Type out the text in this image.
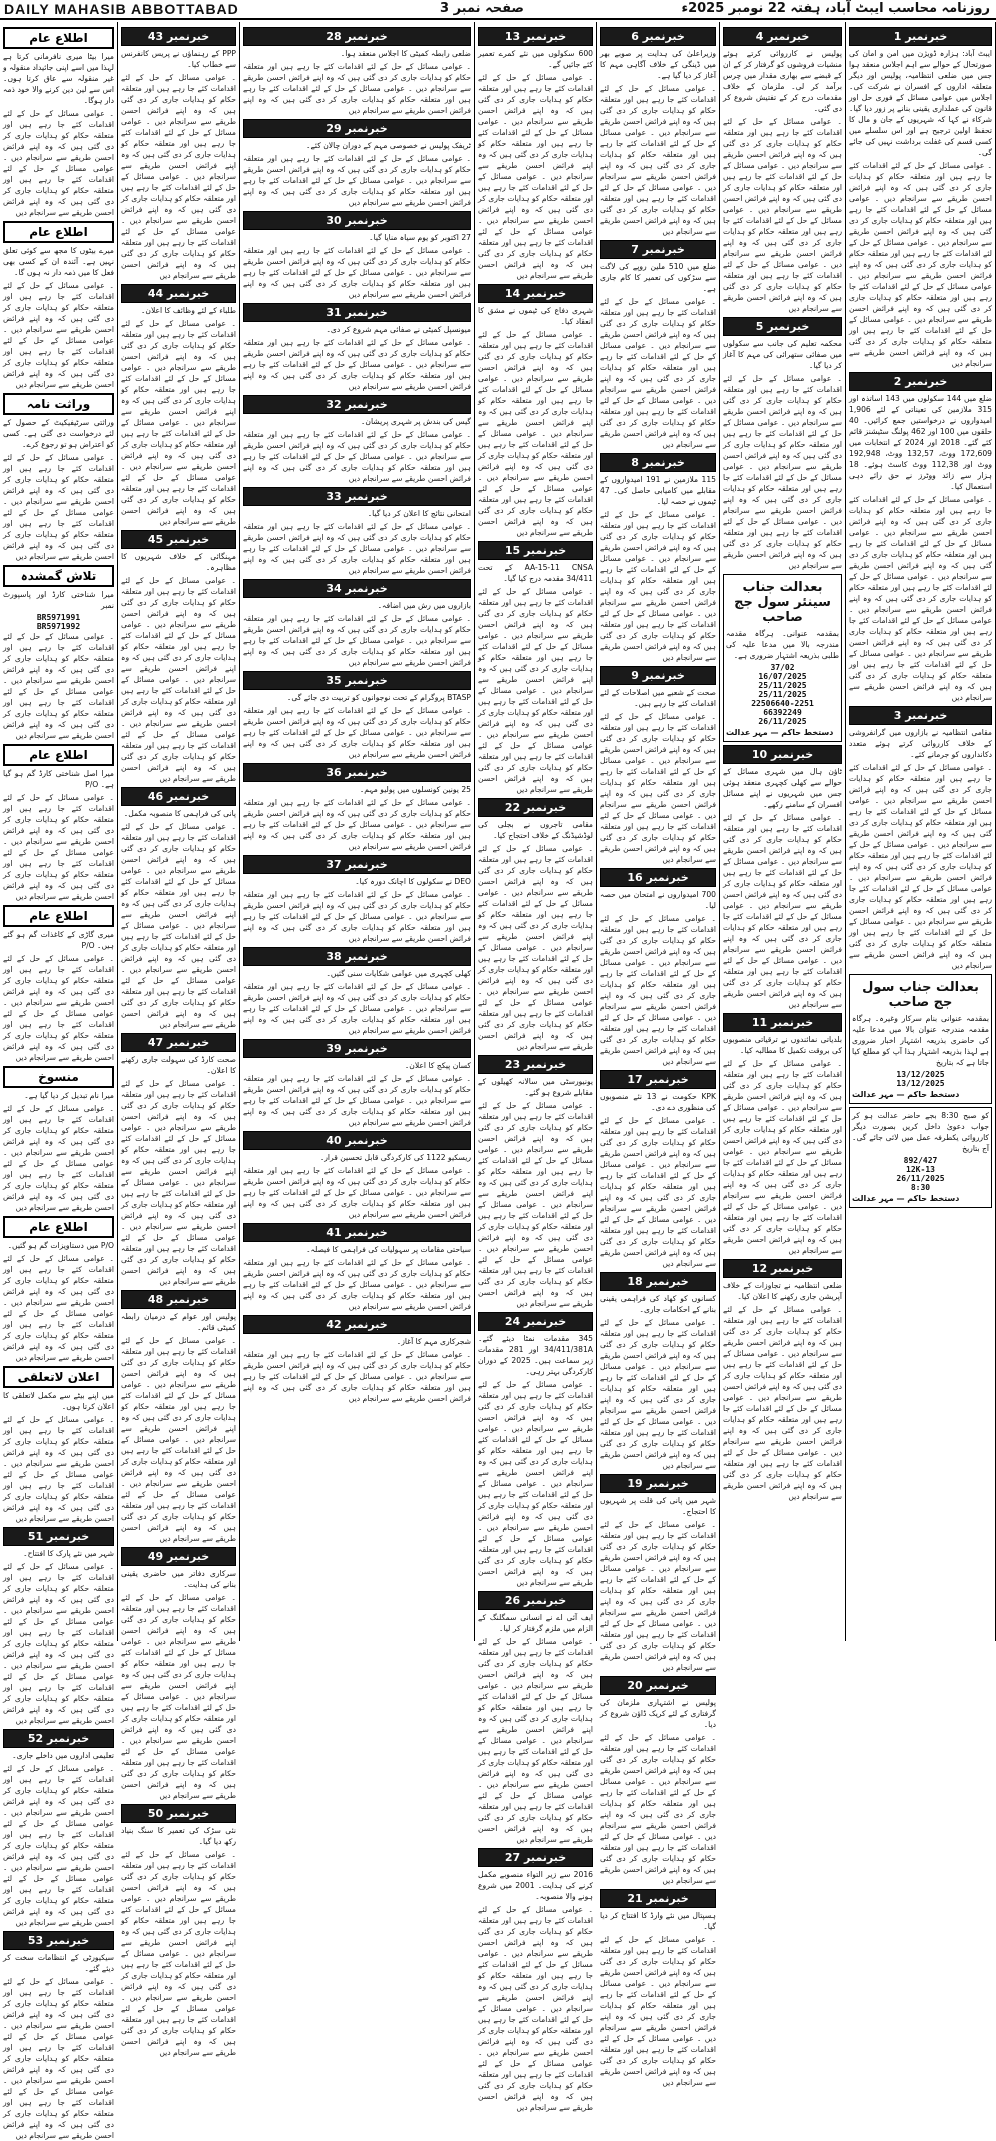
DAILY MAHASIB ABBOTTABAD	صفحہ نمبر 3	روزنامہ محاسب ایبٹ آباد، ہفتہ 22 نومبر 2025ء
خبرنمبر 1

ایبٹ آباد: ہزارہ ڈویژن میں امن و امان کی صورتحال کے حوالے سے اہم اجلاس منعقد ہوا جس میں ضلعی انتظامیہ، پولیس اور دیگر متعلقہ اداروں کے افسران نے شرکت کی۔ اجلاس میں عوامی مسائل کے فوری حل اور قانون کی عملداری یقینی بنانے پر زور دیا گیا۔ شرکاء نے کہا کہ شہریوں کے جان و مال کا تحفظ اولین ترجیح ہے اور اس سلسلے میں کسی قسم کی غفلت برداشت نہیں کی جائے گی۔

۔ عوامی مسائل کے حل کے لئے اقدامات کئے جا رہے ہیں اور متعلقہ حکام کو ہدایات جاری کر دی گئی ہیں کہ وہ اپنے فرائض احسن طریقے سے سرانجام دیں ۔ عوامی مسائل کے حل کے لئے اقدامات کئے جا رہے ہیں اور متعلقہ حکام کو ہدایات جاری کر دی گئی ہیں کہ وہ اپنے فرائض احسن طریقے سے سرانجام دیں ۔ عوامی مسائل کے حل کے لئے اقدامات کئے جا رہے ہیں اور متعلقہ حکام کو ہدایات جاری کر دی گئی ہیں کہ وہ اپنے فرائض احسن طریقے سے سرانجام دیں ۔ عوامی مسائل کے حل کے لئے اقدامات کئے جا رہے ہیں اور متعلقہ حکام کو ہدایات جاری کر دی گئی ہیں کہ وہ اپنے فرائض احسن طریقے سے سرانجام دیں ۔ عوامی مسائل کے حل کے لئے اقدامات کئے جا رہے ہیں اور متعلقہ حکام کو ہدایات جاری کر دی گئی ہیں کہ وہ اپنے فرائض احسن طریقے سے سرانجام دیں

خبرنمبر 2

ضلع میں 144 سکولوں میں 143 اساتذہ اور 315 ملازمین کی تعیناتی کے لئے 1,906 امیدواروں نے درخواستیں جمع کرائیں۔ 40 حلقوں میں 100 اور 462 پولنگ سٹیشنز قائم کئے گئے۔ 2018 اور 2024 کے انتخابات میں 172,609 ووٹ، 132,57 ووٹ، 192,948 ووٹ اور 112,38 ووٹ کاسٹ ہوئے۔ 18 ہزار سے زائد ووٹرز نے حق رائے دہی استعمال کیا۔

۔ عوامی مسائل کے حل کے لئے اقدامات کئے جا رہے ہیں اور متعلقہ حکام کو ہدایات جاری کر دی گئی ہیں کہ وہ اپنے فرائض احسن طریقے سے سرانجام دیں ۔ عوامی مسائل کے حل کے لئے اقدامات کئے جا رہے ہیں اور متعلقہ حکام کو ہدایات جاری کر دی گئی ہیں کہ وہ اپنے فرائض احسن طریقے سے سرانجام دیں ۔ عوامی مسائل کے حل کے لئے اقدامات کئے جا رہے ہیں اور متعلقہ حکام کو ہدایات جاری کر دی گئی ہیں کہ وہ اپنے فرائض احسن طریقے سے سرانجام دیں ۔ عوامی مسائل کے حل کے لئے اقدامات کئے جا رہے ہیں اور متعلقہ حکام کو ہدایات جاری کر دی گئی ہیں کہ وہ اپنے فرائض احسن طریقے سے سرانجام دیں ۔ عوامی مسائل کے حل کے لئے اقدامات کئے جا رہے ہیں اور متعلقہ حکام کو ہدایات جاری کر دی گئی ہیں کہ وہ اپنے فرائض احسن طریقے سے سرانجام دیں

خبرنمبر 3

مقامی انتظامیہ نے بازاروں میں گرانفروشی کے خلاف کارروائی کرتے ہوئے متعدد دکانداروں کو جرمانے کئے۔

۔ عوامی مسائل کے حل کے لئے اقدامات کئے جا رہے ہیں اور متعلقہ حکام کو ہدایات جاری کر دی گئی ہیں کہ وہ اپنے فرائض احسن طریقے سے سرانجام دیں ۔ عوامی مسائل کے حل کے لئے اقدامات کئے جا رہے ہیں اور متعلقہ حکام کو ہدایات جاری کر دی گئی ہیں کہ وہ اپنے فرائض احسن طریقے سے سرانجام دیں ۔ عوامی مسائل کے حل کے لئے اقدامات کئے جا رہے ہیں اور متعلقہ حکام کو ہدایات جاری کر دی گئی ہیں کہ وہ اپنے فرائض احسن طریقے سے سرانجام دیں ۔ عوامی مسائل کے حل کے لئے اقدامات کئے جا رہے ہیں اور متعلقہ حکام کو ہدایات جاری کر دی گئی ہیں کہ وہ اپنے فرائض احسن طریقے سے سرانجام دیں ۔ عوامی مسائل کے حل کے لئے اقدامات کئے جا رہے ہیں اور متعلقہ حکام کو ہدایات جاری کر دی گئی ہیں کہ وہ اپنے فرائض احسن طریقے سے سرانجام دیں

بعدالت جناب سول جج صاحب

بمقدمہ عنوانی بنام سرکار وغیرہ۔ ہرگاہ مقدمہ مندرجہ عنوان بالا میں مدعا علیہ کی حاضری بذریعہ اشتہار اخبار ضروری ہے لہذا بذریعہ اشتہار ہذا آپ کو مطلع کیا جاتا ہے کہ بتاریخ

13/12/2025
13/12/2025
دستخط حاکم — مہر عدالت

کو صبح 8:30 بجے حاضر عدالت ہو کر جواب دعویٰ داخل کریں بصورت دیگر کارروائی یکطرفہ عمل میں لائی جائے گی۔ آج بتاریخ

892/427
12K-13
26/11/2025
8:30
دستخط حاکم — مہر عدالت
خبرنمبر 4

پولیس نے کارروائی کرتے ہوئے منشیات فروشوں کو گرفتار کر کے ان کے قبضے سے بھاری مقدار میں چرس برآمد کر لی۔ ملزمان کے خلاف مقدمات درج کر کے تفتیش شروع کر دی گئی۔

۔ عوامی مسائل کے حل کے لئے اقدامات کئے جا رہے ہیں اور متعلقہ حکام کو ہدایات جاری کر دی گئی ہیں کہ وہ اپنے فرائض احسن طریقے سے سرانجام دیں ۔ عوامی مسائل کے حل کے لئے اقدامات کئے جا رہے ہیں اور متعلقہ حکام کو ہدایات جاری کر دی گئی ہیں کہ وہ اپنے فرائض احسن طریقے سے سرانجام دیں ۔ عوامی مسائل کے حل کے لئے اقدامات کئے جا رہے ہیں اور متعلقہ حکام کو ہدایات جاری کر دی گئی ہیں کہ وہ اپنے فرائض احسن طریقے سے سرانجام دیں ۔ عوامی مسائل کے حل کے لئے اقدامات کئے جا رہے ہیں اور متعلقہ حکام کو ہدایات جاری کر دی گئی ہیں کہ وہ اپنے فرائض احسن طریقے سے سرانجام دیں

خبرنمبر 5

محکمہ تعلیم کی جانب سے سکولوں میں صفائی ستھرائی کی مہم کا آغاز کر دیا گیا۔

۔ عوامی مسائل کے حل کے لئے اقدامات کئے جا رہے ہیں اور متعلقہ حکام کو ہدایات جاری کر دی گئی ہیں کہ وہ اپنے فرائض احسن طریقے سے سرانجام دیں ۔ عوامی مسائل کے حل کے لئے اقدامات کئے جا رہے ہیں اور متعلقہ حکام کو ہدایات جاری کر دی گئی ہیں کہ وہ اپنے فرائض احسن طریقے سے سرانجام دیں ۔ عوامی مسائل کے حل کے لئے اقدامات کئے جا رہے ہیں اور متعلقہ حکام کو ہدایات جاری کر دی گئی ہیں کہ وہ اپنے فرائض احسن طریقے سے سرانجام دیں ۔ عوامی مسائل کے حل کے لئے اقدامات کئے جا رہے ہیں اور متعلقہ حکام کو ہدایات جاری کر دی گئی ہیں کہ وہ اپنے فرائض احسن طریقے سے سرانجام دیں

بعدالت جناب سینئر سول جج صاحب

بمقدمہ عنوانی۔ ہرگاہ مقدمہ مندرجہ بالا میں مدعا علیہ کی طلبی بذریعہ اشتہار ضروری ہے۔

37/02
16/07/2025
25/11/2025
25/11/2025
22506640-2251
66392249
26/11/2025
دستخط حاکم — مہر عدالت
خبرنمبر 10

ٹاؤن ہال میں شہری مسائل کے حوالے سے کھلی کچہری منعقد ہوئی جس میں شہریوں نے اپنے مسائل افسران کے سامنے رکھے۔

۔ عوامی مسائل کے حل کے لئے اقدامات کئے جا رہے ہیں اور متعلقہ حکام کو ہدایات جاری کر دی گئی ہیں کہ وہ اپنے فرائض احسن طریقے سے سرانجام دیں ۔ عوامی مسائل کے حل کے لئے اقدامات کئے جا رہے ہیں اور متعلقہ حکام کو ہدایات جاری کر دی گئی ہیں کہ وہ اپنے فرائض احسن طریقے سے سرانجام دیں ۔ عوامی مسائل کے حل کے لئے اقدامات کئے جا رہے ہیں اور متعلقہ حکام کو ہدایات جاری کر دی گئی ہیں کہ وہ اپنے فرائض احسن طریقے سے سرانجام دیں ۔ عوامی مسائل کے حل کے لئے اقدامات کئے جا رہے ہیں اور متعلقہ حکام کو ہدایات جاری کر دی گئی ہیں کہ وہ اپنے فرائض احسن طریقے سے سرانجام دیں

خبرنمبر 11

بلدیاتی نمائندوں نے ترقیاتی منصوبوں کی بروقت تکمیل کا مطالبہ کیا۔

۔ عوامی مسائل کے حل کے لئے اقدامات کئے جا رہے ہیں اور متعلقہ حکام کو ہدایات جاری کر دی گئی ہیں کہ وہ اپنے فرائض احسن طریقے سے سرانجام دیں ۔ عوامی مسائل کے حل کے لئے اقدامات کئے جا رہے ہیں اور متعلقہ حکام کو ہدایات جاری کر دی گئی ہیں کہ وہ اپنے فرائض احسن طریقے سے سرانجام دیں ۔ عوامی مسائل کے حل کے لئے اقدامات کئے جا رہے ہیں اور متعلقہ حکام کو ہدایات جاری کر دی گئی ہیں کہ وہ اپنے فرائض احسن طریقے سے سرانجام دیں ۔ عوامی مسائل کے حل کے لئے اقدامات کئے جا رہے ہیں اور متعلقہ حکام کو ہدایات جاری کر دی گئی ہیں کہ وہ اپنے فرائض احسن طریقے سے سرانجام دیں

خبرنمبر 12

ضلعی انتظامیہ نے تجاوزات کے خلاف آپریشن جاری رکھنے کا اعلان کیا۔

۔ عوامی مسائل کے حل کے لئے اقدامات کئے جا رہے ہیں اور متعلقہ حکام کو ہدایات جاری کر دی گئی ہیں کہ وہ اپنے فرائض احسن طریقے سے سرانجام دیں ۔ عوامی مسائل کے حل کے لئے اقدامات کئے جا رہے ہیں اور متعلقہ حکام کو ہدایات جاری کر دی گئی ہیں کہ وہ اپنے فرائض احسن طریقے سے سرانجام دیں ۔ عوامی مسائل کے حل کے لئے اقدامات کئے جا رہے ہیں اور متعلقہ حکام کو ہدایات جاری کر دی گئی ہیں کہ وہ اپنے فرائض احسن طریقے سے سرانجام دیں ۔ عوامی مسائل کے حل کے لئے اقدامات کئے جا رہے ہیں اور متعلقہ حکام کو ہدایات جاری کر دی گئی ہیں کہ وہ اپنے فرائض احسن طریقے سے سرانجام دیں

خبرنمبر 6

وزیراعلیٰ کی ہدایت پر صوبے بھر میں ڈینگی کے خلاف آگاہی مہم کا آغاز کر دیا گیا ہے۔

۔ عوامی مسائل کے حل کے لئے اقدامات کئے جا رہے ہیں اور متعلقہ حکام کو ہدایات جاری کر دی گئی ہیں کہ وہ اپنے فرائض احسن طریقے سے سرانجام دیں ۔ عوامی مسائل کے حل کے لئے اقدامات کئے جا رہے ہیں اور متعلقہ حکام کو ہدایات جاری کر دی گئی ہیں کہ وہ اپنے فرائض احسن طریقے سے سرانجام دیں ۔ عوامی مسائل کے حل کے لئے اقدامات کئے جا رہے ہیں اور متعلقہ حکام کو ہدایات جاری کر دی گئی ہیں کہ وہ اپنے فرائض احسن طریقے سے سرانجام دیں

خبرنمبر 7

ضلع میں 510 ملین روپے کی لاگت سے سڑکوں کی تعمیر کا کام جاری ہے۔

۔ عوامی مسائل کے حل کے لئے اقدامات کئے جا رہے ہیں اور متعلقہ حکام کو ہدایات جاری کر دی گئی ہیں کہ وہ اپنے فرائض احسن طریقے سے سرانجام دیں ۔ عوامی مسائل کے حل کے لئے اقدامات کئے جا رہے ہیں اور متعلقہ حکام کو ہدایات جاری کر دی گئی ہیں کہ وہ اپنے فرائض احسن طریقے سے سرانجام دیں ۔ عوامی مسائل کے حل کے لئے اقدامات کئے جا رہے ہیں اور متعلقہ حکام کو ہدایات جاری کر دی گئی ہیں کہ وہ اپنے فرائض احسن طریقے سے سرانجام دیں

خبرنمبر 8

115 ملازمین نے 191 امیدواروں کے مقابلے میں کامیابی حاصل کی۔ 47 ٹیموں نے حصہ لیا۔

۔ عوامی مسائل کے حل کے لئے اقدامات کئے جا رہے ہیں اور متعلقہ حکام کو ہدایات جاری کر دی گئی ہیں کہ وہ اپنے فرائض احسن طریقے سے سرانجام دیں ۔ عوامی مسائل کے حل کے لئے اقدامات کئے جا رہے ہیں اور متعلقہ حکام کو ہدایات جاری کر دی گئی ہیں کہ وہ اپنے فرائض احسن طریقے سے سرانجام دیں ۔ عوامی مسائل کے حل کے لئے اقدامات کئے جا رہے ہیں اور متعلقہ حکام کو ہدایات جاری کر دی گئی ہیں کہ وہ اپنے فرائض احسن طریقے سے سرانجام دیں

خبرنمبر 9

صحت کے شعبے میں اصلاحات کے لئے اقدامات کئے جا رہے ہیں۔

۔ عوامی مسائل کے حل کے لئے اقدامات کئے جا رہے ہیں اور متعلقہ حکام کو ہدایات جاری کر دی گئی ہیں کہ وہ اپنے فرائض احسن طریقے سے سرانجام دیں ۔ عوامی مسائل کے حل کے لئے اقدامات کئے جا رہے ہیں اور متعلقہ حکام کو ہدایات جاری کر دی گئی ہیں کہ وہ اپنے فرائض احسن طریقے سے سرانجام دیں ۔ عوامی مسائل کے حل کے لئے اقدامات کئے جا رہے ہیں اور متعلقہ حکام کو ہدایات جاری کر دی گئی ہیں کہ وہ اپنے فرائض احسن طریقے سے سرانجام دیں

خبرنمبر 16

700 امیدواروں نے امتحان میں حصہ لیا۔

۔ عوامی مسائل کے حل کے لئے اقدامات کئے جا رہے ہیں اور متعلقہ حکام کو ہدایات جاری کر دی گئی ہیں کہ وہ اپنے فرائض احسن طریقے سے سرانجام دیں ۔ عوامی مسائل کے حل کے لئے اقدامات کئے جا رہے ہیں اور متعلقہ حکام کو ہدایات جاری کر دی گئی ہیں کہ وہ اپنے فرائض احسن طریقے سے سرانجام دیں ۔ عوامی مسائل کے حل کے لئے اقدامات کئے جا رہے ہیں اور متعلقہ حکام کو ہدایات جاری کر دی گئی ہیں کہ وہ اپنے فرائض احسن طریقے سے سرانجام دیں

خبرنمبر 17

KPK حکومت نے 13 نئے منصوبوں کی منظوری دے دی۔

۔ عوامی مسائل کے حل کے لئے اقدامات کئے جا رہے ہیں اور متعلقہ حکام کو ہدایات جاری کر دی گئی ہیں کہ وہ اپنے فرائض احسن طریقے سے سرانجام دیں ۔ عوامی مسائل کے حل کے لئے اقدامات کئے جا رہے ہیں اور متعلقہ حکام کو ہدایات جاری کر دی گئی ہیں کہ وہ اپنے فرائض احسن طریقے سے سرانجام دیں ۔ عوامی مسائل کے حل کے لئے اقدامات کئے جا رہے ہیں اور متعلقہ حکام کو ہدایات جاری کر دی گئی ہیں کہ وہ اپنے فرائض احسن طریقے سے سرانجام دیں

خبرنمبر 18

کسانوں کو کھاد کی فراہمی یقینی بنانے کے احکامات جاری۔

۔ عوامی مسائل کے حل کے لئے اقدامات کئے جا رہے ہیں اور متعلقہ حکام کو ہدایات جاری کر دی گئی ہیں کہ وہ اپنے فرائض احسن طریقے سے سرانجام دیں ۔ عوامی مسائل کے حل کے لئے اقدامات کئے جا رہے ہیں اور متعلقہ حکام کو ہدایات جاری کر دی گئی ہیں کہ وہ اپنے فرائض احسن طریقے سے سرانجام دیں ۔ عوامی مسائل کے حل کے لئے اقدامات کئے جا رہے ہیں اور متعلقہ حکام کو ہدایات جاری کر دی گئی ہیں کہ وہ اپنے فرائض احسن طریقے سے سرانجام دیں

خبرنمبر 19

شہر میں پانی کی قلت پر شہریوں کا احتجاج۔

۔ عوامی مسائل کے حل کے لئے اقدامات کئے جا رہے ہیں اور متعلقہ حکام کو ہدایات جاری کر دی گئی ہیں کہ وہ اپنے فرائض احسن طریقے سے سرانجام دیں ۔ عوامی مسائل کے حل کے لئے اقدامات کئے جا رہے ہیں اور متعلقہ حکام کو ہدایات جاری کر دی گئی ہیں کہ وہ اپنے فرائض احسن طریقے سے سرانجام دیں ۔ عوامی مسائل کے حل کے لئے اقدامات کئے جا رہے ہیں اور متعلقہ حکام کو ہدایات جاری کر دی گئی ہیں کہ وہ اپنے فرائض احسن طریقے سے سرانجام دیں

خبرنمبر 20

پولیس نے اشتہاری ملزمان کی گرفتاری کے لئے کریک ڈاؤن شروع کر دیا۔

۔ عوامی مسائل کے حل کے لئے اقدامات کئے جا رہے ہیں اور متعلقہ حکام کو ہدایات جاری کر دی گئی ہیں کہ وہ اپنے فرائض احسن طریقے سے سرانجام دیں ۔ عوامی مسائل کے حل کے لئے اقدامات کئے جا رہے ہیں اور متعلقہ حکام کو ہدایات جاری کر دی گئی ہیں کہ وہ اپنے فرائض احسن طریقے سے سرانجام دیں ۔ عوامی مسائل کے حل کے لئے اقدامات کئے جا رہے ہیں اور متعلقہ حکام کو ہدایات جاری کر دی گئی ہیں کہ وہ اپنے فرائض احسن طریقے سے سرانجام دیں

خبرنمبر 21

ہسپتال میں نئے وارڈ کا افتتاح کر دیا گیا۔

۔ عوامی مسائل کے حل کے لئے اقدامات کئے جا رہے ہیں اور متعلقہ حکام کو ہدایات جاری کر دی گئی ہیں کہ وہ اپنے فرائض احسن طریقے سے سرانجام دیں ۔ عوامی مسائل کے حل کے لئے اقدامات کئے جا رہے ہیں اور متعلقہ حکام کو ہدایات جاری کر دی گئی ہیں کہ وہ اپنے فرائض احسن طریقے سے سرانجام دیں ۔ عوامی مسائل کے حل کے لئے اقدامات کئے جا رہے ہیں اور متعلقہ حکام کو ہدایات جاری کر دی گئی ہیں کہ وہ اپنے فرائض احسن طریقے سے سرانجام دیں

خبرنمبر 13

600 سکولوں میں نئے کمرے تعمیر کئے جائیں گے۔

۔ عوامی مسائل کے حل کے لئے اقدامات کئے جا رہے ہیں اور متعلقہ حکام کو ہدایات جاری کر دی گئی ہیں کہ وہ اپنے فرائض احسن طریقے سے سرانجام دیں ۔ عوامی مسائل کے حل کے لئے اقدامات کئے جا رہے ہیں اور متعلقہ حکام کو ہدایات جاری کر دی گئی ہیں کہ وہ اپنے فرائض احسن طریقے سے سرانجام دیں ۔ عوامی مسائل کے حل کے لئے اقدامات کئے جا رہے ہیں اور متعلقہ حکام کو ہدایات جاری کر دی گئی ہیں کہ وہ اپنے فرائض احسن طریقے سے سرانجام دیں ۔ عوامی مسائل کے حل کے لئے اقدامات کئے جا رہے ہیں اور متعلقہ حکام کو ہدایات جاری کر دی گئی ہیں کہ وہ اپنے فرائض احسن طریقے سے سرانجام دیں

خبرنمبر 14

شہری دفاع کی ٹیموں نے مشق کا انعقاد کیا۔

۔ عوامی مسائل کے حل کے لئے اقدامات کئے جا رہے ہیں اور متعلقہ حکام کو ہدایات جاری کر دی گئی ہیں کہ وہ اپنے فرائض احسن طریقے سے سرانجام دیں ۔ عوامی مسائل کے حل کے لئے اقدامات کئے جا رہے ہیں اور متعلقہ حکام کو ہدایات جاری کر دی گئی ہیں کہ وہ اپنے فرائض احسن طریقے سے سرانجام دیں ۔ عوامی مسائل کے حل کے لئے اقدامات کئے جا رہے ہیں اور متعلقہ حکام کو ہدایات جاری کر دی گئی ہیں کہ وہ اپنے فرائض احسن طریقے سے سرانجام دیں ۔ عوامی مسائل کے حل کے لئے اقدامات کئے جا رہے ہیں اور متعلقہ حکام کو ہدایات جاری کر دی گئی ہیں کہ وہ اپنے فرائض احسن طریقے سے سرانجام دیں

خبرنمبر 15

AA-15-11 CNSA کے تحت 34/411 مقدمہ درج کیا گیا۔

۔ عوامی مسائل کے حل کے لئے اقدامات کئے جا رہے ہیں اور متعلقہ حکام کو ہدایات جاری کر دی گئی ہیں کہ وہ اپنے فرائض احسن طریقے سے سرانجام دیں ۔ عوامی مسائل کے حل کے لئے اقدامات کئے جا رہے ہیں اور متعلقہ حکام کو ہدایات جاری کر دی گئی ہیں کہ وہ اپنے فرائض احسن طریقے سے سرانجام دیں ۔ عوامی مسائل کے حل کے لئے اقدامات کئے جا رہے ہیں اور متعلقہ حکام کو ہدایات جاری کر دی گئی ہیں کہ وہ اپنے فرائض احسن طریقے سے سرانجام دیں ۔ عوامی مسائل کے حل کے لئے اقدامات کئے جا رہے ہیں اور متعلقہ حکام کو ہدایات جاری کر دی گئی ہیں کہ وہ اپنے فرائض احسن طریقے سے سرانجام دیں

خبرنمبر 22

مقامی تاجروں نے بجلی کی لوڈشیڈنگ کے خلاف احتجاج کیا۔

۔ عوامی مسائل کے حل کے لئے اقدامات کئے جا رہے ہیں اور متعلقہ حکام کو ہدایات جاری کر دی گئی ہیں کہ وہ اپنے فرائض احسن طریقے سے سرانجام دیں ۔ عوامی مسائل کے حل کے لئے اقدامات کئے جا رہے ہیں اور متعلقہ حکام کو ہدایات جاری کر دی گئی ہیں کہ وہ اپنے فرائض احسن طریقے سے سرانجام دیں ۔ عوامی مسائل کے حل کے لئے اقدامات کئے جا رہے ہیں اور متعلقہ حکام کو ہدایات جاری کر دی گئی ہیں کہ وہ اپنے فرائض احسن طریقے سے سرانجام دیں ۔ عوامی مسائل کے حل کے لئے اقدامات کئے جا رہے ہیں اور متعلقہ حکام کو ہدایات جاری کر دی گئی ہیں کہ وہ اپنے فرائض احسن طریقے سے سرانجام دیں

خبرنمبر 23

یونیورسٹی میں سالانہ کھیلوں کے مقابلے شروع ہو گئے۔

۔ عوامی مسائل کے حل کے لئے اقدامات کئے جا رہے ہیں اور متعلقہ حکام کو ہدایات جاری کر دی گئی ہیں کہ وہ اپنے فرائض احسن طریقے سے سرانجام دیں ۔ عوامی مسائل کے حل کے لئے اقدامات کئے جا رہے ہیں اور متعلقہ حکام کو ہدایات جاری کر دی گئی ہیں کہ وہ اپنے فرائض احسن طریقے سے سرانجام دیں ۔ عوامی مسائل کے حل کے لئے اقدامات کئے جا رہے ہیں اور متعلقہ حکام کو ہدایات جاری کر دی گئی ہیں کہ وہ اپنے فرائض احسن طریقے سے سرانجام دیں ۔ عوامی مسائل کے حل کے لئے اقدامات کئے جا رہے ہیں اور متعلقہ حکام کو ہدایات جاری کر دی گئی ہیں کہ وہ اپنے فرائض احسن طریقے سے سرانجام دیں

خبرنمبر 24

345 مقدمات نمٹا دیئے گئے۔ 34/411/381A اور 281 مقدمات زیر سماعت ہیں۔ 2025 کے دوران کارکردگی بہتر رہی۔

۔ عوامی مسائل کے حل کے لئے اقدامات کئے جا رہے ہیں اور متعلقہ حکام کو ہدایات جاری کر دی گئی ہیں کہ وہ اپنے فرائض احسن طریقے سے سرانجام دیں ۔ عوامی مسائل کے حل کے لئے اقدامات کئے جا رہے ہیں اور متعلقہ حکام کو ہدایات جاری کر دی گئی ہیں کہ وہ اپنے فرائض احسن طریقے سے سرانجام دیں ۔ عوامی مسائل کے حل کے لئے اقدامات کئے جا رہے ہیں اور متعلقہ حکام کو ہدایات جاری کر دی گئی ہیں کہ وہ اپنے فرائض احسن طریقے سے سرانجام دیں ۔ عوامی مسائل کے حل کے لئے اقدامات کئے جا رہے ہیں اور متعلقہ حکام کو ہدایات جاری کر دی گئی ہیں کہ وہ اپنے فرائض احسن طریقے سے سرانجام دیں

خبرنمبر 26

ایف آئی اے نے انسانی سمگلنگ کے الزام میں ملزم گرفتار کر لیا۔

۔ عوامی مسائل کے حل کے لئے اقدامات کئے جا رہے ہیں اور متعلقہ حکام کو ہدایات جاری کر دی گئی ہیں کہ وہ اپنے فرائض احسن طریقے سے سرانجام دیں ۔ عوامی مسائل کے حل کے لئے اقدامات کئے جا رہے ہیں اور متعلقہ حکام کو ہدایات جاری کر دی گئی ہیں کہ وہ اپنے فرائض احسن طریقے سے سرانجام دیں ۔ عوامی مسائل کے حل کے لئے اقدامات کئے جا رہے ہیں اور متعلقہ حکام کو ہدایات جاری کر دی گئی ہیں کہ وہ اپنے فرائض احسن طریقے سے سرانجام دیں ۔ عوامی مسائل کے حل کے لئے اقدامات کئے جا رہے ہیں اور متعلقہ حکام کو ہدایات جاری کر دی گئی ہیں کہ وہ اپنے فرائض احسن طریقے سے سرانجام دیں

خبرنمبر 27

2016 سے زیر التواء منصوبے مکمل کرنے کی ہدایت۔ 2001 میں شروع ہونے والا منصوبہ۔

۔ عوامی مسائل کے حل کے لئے اقدامات کئے جا رہے ہیں اور متعلقہ حکام کو ہدایات جاری کر دی گئی ہیں کہ وہ اپنے فرائض احسن طریقے سے سرانجام دیں ۔ عوامی مسائل کے حل کے لئے اقدامات کئے جا رہے ہیں اور متعلقہ حکام کو ہدایات جاری کر دی گئی ہیں کہ وہ اپنے فرائض احسن طریقے سے سرانجام دیں ۔ عوامی مسائل کے حل کے لئے اقدامات کئے جا رہے ہیں اور متعلقہ حکام کو ہدایات جاری کر دی گئی ہیں کہ وہ اپنے فرائض احسن طریقے سے سرانجام دیں ۔ عوامی مسائل کے حل کے لئے اقدامات کئے جا رہے ہیں اور متعلقہ حکام کو ہدایات جاری کر دی گئی ہیں کہ وہ اپنے فرائض احسن طریقے سے سرانجام دیں

خبرنمبر 28

ضلعی رابطہ کمیٹی کا اجلاس منعقد ہوا۔

۔ عوامی مسائل کے حل کے لئے اقدامات کئے جا رہے ہیں اور متعلقہ حکام کو ہدایات جاری کر دی گئی ہیں کہ وہ اپنے فرائض احسن طریقے سے سرانجام دیں ۔ عوامی مسائل کے حل کے لئے اقدامات کئے جا رہے ہیں اور متعلقہ حکام کو ہدایات جاری کر دی گئی ہیں کہ وہ اپنے فرائض احسن طریقے سے سرانجام دیں

خبرنمبر 29

ٹریفک پولیس نے خصوصی مہم کے دوران چالان کئے۔

۔ عوامی مسائل کے حل کے لئے اقدامات کئے جا رہے ہیں اور متعلقہ حکام کو ہدایات جاری کر دی گئی ہیں کہ وہ اپنے فرائض احسن طریقے سے سرانجام دیں ۔ عوامی مسائل کے حل کے لئے اقدامات کئے جا رہے ہیں اور متعلقہ حکام کو ہدایات جاری کر دی گئی ہیں کہ وہ اپنے فرائض احسن طریقے سے سرانجام دیں

خبرنمبر 30

27 اکتوبر کو یوم سیاہ منایا گیا۔

۔ عوامی مسائل کے حل کے لئے اقدامات کئے جا رہے ہیں اور متعلقہ حکام کو ہدایات جاری کر دی گئی ہیں کہ وہ اپنے فرائض احسن طریقے سے سرانجام دیں ۔ عوامی مسائل کے حل کے لئے اقدامات کئے جا رہے ہیں اور متعلقہ حکام کو ہدایات جاری کر دی گئی ہیں کہ وہ اپنے فرائض احسن طریقے سے سرانجام دیں

خبرنمبر 31

میونسپل کمیٹی نے صفائی مہم شروع کر دی۔

۔ عوامی مسائل کے حل کے لئے اقدامات کئے جا رہے ہیں اور متعلقہ حکام کو ہدایات جاری کر دی گئی ہیں کہ وہ اپنے فرائض احسن طریقے سے سرانجام دیں ۔ عوامی مسائل کے حل کے لئے اقدامات کئے جا رہے ہیں اور متعلقہ حکام کو ہدایات جاری کر دی گئی ہیں کہ وہ اپنے فرائض احسن طریقے سے سرانجام دیں

خبرنمبر 32

گیس کی بندش پر شہری پریشان۔

۔ عوامی مسائل کے حل کے لئے اقدامات کئے جا رہے ہیں اور متعلقہ حکام کو ہدایات جاری کر دی گئی ہیں کہ وہ اپنے فرائض احسن طریقے سے سرانجام دیں ۔ عوامی مسائل کے حل کے لئے اقدامات کئے جا رہے ہیں اور متعلقہ حکام کو ہدایات جاری کر دی گئی ہیں کہ وہ اپنے فرائض احسن طریقے سے سرانجام دیں

خبرنمبر 33

امتحانی نتائج کا اعلان کر دیا گیا۔

۔ عوامی مسائل کے حل کے لئے اقدامات کئے جا رہے ہیں اور متعلقہ حکام کو ہدایات جاری کر دی گئی ہیں کہ وہ اپنے فرائض احسن طریقے سے سرانجام دیں ۔ عوامی مسائل کے حل کے لئے اقدامات کئے جا رہے ہیں اور متعلقہ حکام کو ہدایات جاری کر دی گئی ہیں کہ وہ اپنے فرائض احسن طریقے سے سرانجام دیں

خبرنمبر 34

بازاروں میں رش میں اضافہ۔

۔ عوامی مسائل کے حل کے لئے اقدامات کئے جا رہے ہیں اور متعلقہ حکام کو ہدایات جاری کر دی گئی ہیں کہ وہ اپنے فرائض احسن طریقے سے سرانجام دیں ۔ عوامی مسائل کے حل کے لئے اقدامات کئے جا رہے ہیں اور متعلقہ حکام کو ہدایات جاری کر دی گئی ہیں کہ وہ اپنے فرائض احسن طریقے سے سرانجام دیں

خبرنمبر 35

BTASP پروگرام کے تحت نوجوانوں کو تربیت دی جائے گی۔

۔ عوامی مسائل کے حل کے لئے اقدامات کئے جا رہے ہیں اور متعلقہ حکام کو ہدایات جاری کر دی گئی ہیں کہ وہ اپنے فرائض احسن طریقے سے سرانجام دیں ۔ عوامی مسائل کے حل کے لئے اقدامات کئے جا رہے ہیں اور متعلقہ حکام کو ہدایات جاری کر دی گئی ہیں کہ وہ اپنے فرائض احسن طریقے سے سرانجام دیں

خبرنمبر 36

25 یونین کونسلوں میں پولیو مہم۔

۔ عوامی مسائل کے حل کے لئے اقدامات کئے جا رہے ہیں اور متعلقہ حکام کو ہدایات جاری کر دی گئی ہیں کہ وہ اپنے فرائض احسن طریقے سے سرانجام دیں ۔ عوامی مسائل کے حل کے لئے اقدامات کئے جا رہے ہیں اور متعلقہ حکام کو ہدایات جاری کر دی گئی ہیں کہ وہ اپنے فرائض احسن طریقے سے سرانجام دیں

خبرنمبر 37

DEO نے سکولوں کا اچانک دورہ کیا۔

۔ عوامی مسائل کے حل کے لئے اقدامات کئے جا رہے ہیں اور متعلقہ حکام کو ہدایات جاری کر دی گئی ہیں کہ وہ اپنے فرائض احسن طریقے سے سرانجام دیں ۔ عوامی مسائل کے حل کے لئے اقدامات کئے جا رہے ہیں اور متعلقہ حکام کو ہدایات جاری کر دی گئی ہیں کہ وہ اپنے فرائض احسن طریقے سے سرانجام دیں

خبرنمبر 38

کھلی کچہری میں عوامی شکایات سنی گئیں۔

۔ عوامی مسائل کے حل کے لئے اقدامات کئے جا رہے ہیں اور متعلقہ حکام کو ہدایات جاری کر دی گئی ہیں کہ وہ اپنے فرائض احسن طریقے سے سرانجام دیں ۔ عوامی مسائل کے حل کے لئے اقدامات کئے جا رہے ہیں اور متعلقہ حکام کو ہدایات جاری کر دی گئی ہیں کہ وہ اپنے فرائض احسن طریقے سے سرانجام دیں

خبرنمبر 39

کسان پیکج کا اعلان۔

۔ عوامی مسائل کے حل کے لئے اقدامات کئے جا رہے ہیں اور متعلقہ حکام کو ہدایات جاری کر دی گئی ہیں کہ وہ اپنے فرائض احسن طریقے سے سرانجام دیں ۔ عوامی مسائل کے حل کے لئے اقدامات کئے جا رہے ہیں اور متعلقہ حکام کو ہدایات جاری کر دی گئی ہیں کہ وہ اپنے فرائض احسن طریقے سے سرانجام دیں

خبرنمبر 40

ریسکیو 1122 کی کارکردگی قابل تحسین قرار۔

۔ عوامی مسائل کے حل کے لئے اقدامات کئے جا رہے ہیں اور متعلقہ حکام کو ہدایات جاری کر دی گئی ہیں کہ وہ اپنے فرائض احسن طریقے سے سرانجام دیں ۔ عوامی مسائل کے حل کے لئے اقدامات کئے جا رہے ہیں اور متعلقہ حکام کو ہدایات جاری کر دی گئی ہیں کہ وہ اپنے فرائض احسن طریقے سے سرانجام دیں

خبرنمبر 41

سیاحتی مقامات پر سہولیات کی فراہمی کا فیصلہ۔

۔ عوامی مسائل کے حل کے لئے اقدامات کئے جا رہے ہیں اور متعلقہ حکام کو ہدایات جاری کر دی گئی ہیں کہ وہ اپنے فرائض احسن طریقے سے سرانجام دیں ۔ عوامی مسائل کے حل کے لئے اقدامات کئے جا رہے ہیں اور متعلقہ حکام کو ہدایات جاری کر دی گئی ہیں کہ وہ اپنے فرائض احسن طریقے سے سرانجام دیں

خبرنمبر 42

شجرکاری مہم کا آغاز۔

۔ عوامی مسائل کے حل کے لئے اقدامات کئے جا رہے ہیں اور متعلقہ حکام کو ہدایات جاری کر دی گئی ہیں کہ وہ اپنے فرائض احسن طریقے سے سرانجام دیں ۔ عوامی مسائل کے حل کے لئے اقدامات کئے جا رہے ہیں اور متعلقہ حکام کو ہدایات جاری کر دی گئی ہیں کہ وہ اپنے فرائض احسن طریقے سے سرانجام دیں

خبرنمبر 43

PPP کے رہنماؤں نے پریس کانفرنس سے خطاب کیا۔

۔ عوامی مسائل کے حل کے لئے اقدامات کئے جا رہے ہیں اور متعلقہ حکام کو ہدایات جاری کر دی گئی ہیں کہ وہ اپنے فرائض احسن طریقے سے سرانجام دیں ۔ عوامی مسائل کے حل کے لئے اقدامات کئے جا رہے ہیں اور متعلقہ حکام کو ہدایات جاری کر دی گئی ہیں کہ وہ اپنے فرائض احسن طریقے سے سرانجام دیں ۔ عوامی مسائل کے حل کے لئے اقدامات کئے جا رہے ہیں اور متعلقہ حکام کو ہدایات جاری کر دی گئی ہیں کہ وہ اپنے فرائض احسن طریقے سے سرانجام دیں ۔ عوامی مسائل کے حل کے لئے اقدامات کئے جا رہے ہیں اور متعلقہ حکام کو ہدایات جاری کر دی گئی ہیں کہ وہ اپنے فرائض احسن طریقے سے سرانجام دیں

خبرنمبر 44

طلباء کے لئے وظائف کا اعلان۔

۔ عوامی مسائل کے حل کے لئے اقدامات کئے جا رہے ہیں اور متعلقہ حکام کو ہدایات جاری کر دی گئی ہیں کہ وہ اپنے فرائض احسن طریقے سے سرانجام دیں ۔ عوامی مسائل کے حل کے لئے اقدامات کئے جا رہے ہیں اور متعلقہ حکام کو ہدایات جاری کر دی گئی ہیں کہ وہ اپنے فرائض احسن طریقے سے سرانجام دیں ۔ عوامی مسائل کے حل کے لئے اقدامات کئے جا رہے ہیں اور متعلقہ حکام کو ہدایات جاری کر دی گئی ہیں کہ وہ اپنے فرائض احسن طریقے سے سرانجام دیں ۔ عوامی مسائل کے حل کے لئے اقدامات کئے جا رہے ہیں اور متعلقہ حکام کو ہدایات جاری کر دی گئی ہیں کہ وہ اپنے فرائض احسن طریقے سے سرانجام دیں

خبرنمبر 45

مہنگائی کے خلاف شہریوں کا مظاہرہ۔

۔ عوامی مسائل کے حل کے لئے اقدامات کئے جا رہے ہیں اور متعلقہ حکام کو ہدایات جاری کر دی گئی ہیں کہ وہ اپنے فرائض احسن طریقے سے سرانجام دیں ۔ عوامی مسائل کے حل کے لئے اقدامات کئے جا رہے ہیں اور متعلقہ حکام کو ہدایات جاری کر دی گئی ہیں کہ وہ اپنے فرائض احسن طریقے سے سرانجام دیں ۔ عوامی مسائل کے حل کے لئے اقدامات کئے جا رہے ہیں اور متعلقہ حکام کو ہدایات جاری کر دی گئی ہیں کہ وہ اپنے فرائض احسن طریقے سے سرانجام دیں ۔ عوامی مسائل کے حل کے لئے اقدامات کئے جا رہے ہیں اور متعلقہ حکام کو ہدایات جاری کر دی گئی ہیں کہ وہ اپنے فرائض احسن طریقے سے سرانجام دیں

خبرنمبر 46

پانی کی فراہمی کا منصوبہ مکمل۔

۔ عوامی مسائل کے حل کے لئے اقدامات کئے جا رہے ہیں اور متعلقہ حکام کو ہدایات جاری کر دی گئی ہیں کہ وہ اپنے فرائض احسن طریقے سے سرانجام دیں ۔ عوامی مسائل کے حل کے لئے اقدامات کئے جا رہے ہیں اور متعلقہ حکام کو ہدایات جاری کر دی گئی ہیں کہ وہ اپنے فرائض احسن طریقے سے سرانجام دیں ۔ عوامی مسائل کے حل کے لئے اقدامات کئے جا رہے ہیں اور متعلقہ حکام کو ہدایات جاری کر دی گئی ہیں کہ وہ اپنے فرائض احسن طریقے سے سرانجام دیں ۔ عوامی مسائل کے حل کے لئے اقدامات کئے جا رہے ہیں اور متعلقہ حکام کو ہدایات جاری کر دی گئی ہیں کہ وہ اپنے فرائض احسن طریقے سے سرانجام دیں

خبرنمبر 47

صحت کارڈ کی سہولت جاری رکھنے کا اعلان۔

۔ عوامی مسائل کے حل کے لئے اقدامات کئے جا رہے ہیں اور متعلقہ حکام کو ہدایات جاری کر دی گئی ہیں کہ وہ اپنے فرائض احسن طریقے سے سرانجام دیں ۔ عوامی مسائل کے حل کے لئے اقدامات کئے جا رہے ہیں اور متعلقہ حکام کو ہدایات جاری کر دی گئی ہیں کہ وہ اپنے فرائض احسن طریقے سے سرانجام دیں ۔ عوامی مسائل کے حل کے لئے اقدامات کئے جا رہے ہیں اور متعلقہ حکام کو ہدایات جاری کر دی گئی ہیں کہ وہ اپنے فرائض احسن طریقے سے سرانجام دیں ۔ عوامی مسائل کے حل کے لئے اقدامات کئے جا رہے ہیں اور متعلقہ حکام کو ہدایات جاری کر دی گئی ہیں کہ وہ اپنے فرائض احسن طریقے سے سرانجام دیں

خبرنمبر 48

پولیس اور عوام کے درمیان رابطہ کمیٹی قائم۔

۔ عوامی مسائل کے حل کے لئے اقدامات کئے جا رہے ہیں اور متعلقہ حکام کو ہدایات جاری کر دی گئی ہیں کہ وہ اپنے فرائض احسن طریقے سے سرانجام دیں ۔ عوامی مسائل کے حل کے لئے اقدامات کئے جا رہے ہیں اور متعلقہ حکام کو ہدایات جاری کر دی گئی ہیں کہ وہ اپنے فرائض احسن طریقے سے سرانجام دیں ۔ عوامی مسائل کے حل کے لئے اقدامات کئے جا رہے ہیں اور متعلقہ حکام کو ہدایات جاری کر دی گئی ہیں کہ وہ اپنے فرائض احسن طریقے سے سرانجام دیں ۔ عوامی مسائل کے حل کے لئے اقدامات کئے جا رہے ہیں اور متعلقہ حکام کو ہدایات جاری کر دی گئی ہیں کہ وہ اپنے فرائض احسن طریقے سے سرانجام دیں

خبرنمبر 49

سرکاری دفاتر میں حاضری یقینی بنانے کی ہدایت۔

۔ عوامی مسائل کے حل کے لئے اقدامات کئے جا رہے ہیں اور متعلقہ حکام کو ہدایات جاری کر دی گئی ہیں کہ وہ اپنے فرائض احسن طریقے سے سرانجام دیں ۔ عوامی مسائل کے حل کے لئے اقدامات کئے جا رہے ہیں اور متعلقہ حکام کو ہدایات جاری کر دی گئی ہیں کہ وہ اپنے فرائض احسن طریقے سے سرانجام دیں ۔ عوامی مسائل کے حل کے لئے اقدامات کئے جا رہے ہیں اور متعلقہ حکام کو ہدایات جاری کر دی گئی ہیں کہ وہ اپنے فرائض احسن طریقے سے سرانجام دیں ۔ عوامی مسائل کے حل کے لئے اقدامات کئے جا رہے ہیں اور متعلقہ حکام کو ہدایات جاری کر دی گئی ہیں کہ وہ اپنے فرائض احسن طریقے سے سرانجام دیں

خبرنمبر 50

نئی سڑک کی تعمیر کا سنگ بنیاد رکھ دیا گیا۔

۔ عوامی مسائل کے حل کے لئے اقدامات کئے جا رہے ہیں اور متعلقہ حکام کو ہدایات جاری کر دی گئی ہیں کہ وہ اپنے فرائض احسن طریقے سے سرانجام دیں ۔ عوامی مسائل کے حل کے لئے اقدامات کئے جا رہے ہیں اور متعلقہ حکام کو ہدایات جاری کر دی گئی ہیں کہ وہ اپنے فرائض احسن طریقے سے سرانجام دیں ۔ عوامی مسائل کے حل کے لئے اقدامات کئے جا رہے ہیں اور متعلقہ حکام کو ہدایات جاری کر دی گئی ہیں کہ وہ اپنے فرائض احسن طریقے سے سرانجام دیں ۔ عوامی مسائل کے حل کے لئے اقدامات کئے جا رہے ہیں اور متعلقہ حکام کو ہدایات جاری کر دی گئی ہیں کہ وہ اپنے فرائض احسن طریقے سے سرانجام دیں

اطلاع عام

میرا بیٹا میری نافرمانی کرتا ہے لہذا میں اسے اپنی جائیداد منقولہ و غیر منقولہ سے عاق کرتا ہوں۔ اس سے لین دین کرنے والا خود ذمہ دار ہوگا۔

۔ عوامی مسائل کے حل کے لئے اقدامات کئے جا رہے ہیں اور متعلقہ حکام کو ہدایات جاری کر دی گئی ہیں کہ وہ اپنے فرائض احسن طریقے سے سرانجام دیں ۔ عوامی مسائل کے حل کے لئے اقدامات کئے جا رہے ہیں اور متعلقہ حکام کو ہدایات جاری کر دی گئی ہیں کہ وہ اپنے فرائض احسن طریقے سے سرانجام دیں

اطلاع عام

میرے بیٹوں کا مجھ سے کوئی تعلق نہیں ہے۔ آئندہ ان کے کسی بھی فعل کا میں ذمہ دار نہ ہوں گا۔

۔ عوامی مسائل کے حل کے لئے اقدامات کئے جا رہے ہیں اور متعلقہ حکام کو ہدایات جاری کر دی گئی ہیں کہ وہ اپنے فرائض احسن طریقے سے سرانجام دیں ۔ عوامی مسائل کے حل کے لئے اقدامات کئے جا رہے ہیں اور متعلقہ حکام کو ہدایات جاری کر دی گئی ہیں کہ وہ اپنے فرائض احسن طریقے سے سرانجام دیں

وراثت نامہ

وراثتی سرٹیفیکیٹ کے حصول کے لئے درخواست دی گئی ہے۔ کسی کو اعتراض ہو تو رجوع کرے۔

۔ عوامی مسائل کے حل کے لئے اقدامات کئے جا رہے ہیں اور متعلقہ حکام کو ہدایات جاری کر دی گئی ہیں کہ وہ اپنے فرائض احسن طریقے سے سرانجام دیں ۔ عوامی مسائل کے حل کے لئے اقدامات کئے جا رہے ہیں اور متعلقہ حکام کو ہدایات جاری کر دی گئی ہیں کہ وہ اپنے فرائض احسن طریقے سے سرانجام دیں

تلاش گمشدہ

میرا شناختی کارڈ اور پاسپورٹ نمبر

BR5971991
BR5971992

۔ عوامی مسائل کے حل کے لئے اقدامات کئے جا رہے ہیں اور متعلقہ حکام کو ہدایات جاری کر دی گئی ہیں کہ وہ اپنے فرائض احسن طریقے سے سرانجام دیں ۔ عوامی مسائل کے حل کے لئے اقدامات کئے جا رہے ہیں اور متعلقہ حکام کو ہدایات جاری کر دی گئی ہیں کہ وہ اپنے فرائض احسن طریقے سے سرانجام دیں

اطلاع عام

میرا اصل شناختی کارڈ گم ہو گیا ہے۔ P/O

۔ عوامی مسائل کے حل کے لئے اقدامات کئے جا رہے ہیں اور متعلقہ حکام کو ہدایات جاری کر دی گئی ہیں کہ وہ اپنے فرائض احسن طریقے سے سرانجام دیں ۔ عوامی مسائل کے حل کے لئے اقدامات کئے جا رہے ہیں اور متعلقہ حکام کو ہدایات جاری کر دی گئی ہیں کہ وہ اپنے فرائض احسن طریقے سے سرانجام دیں

اطلاع عام

میری گاڑی کے کاغذات گم ہو گئے ہیں۔ P/O

۔ عوامی مسائل کے حل کے لئے اقدامات کئے جا رہے ہیں اور متعلقہ حکام کو ہدایات جاری کر دی گئی ہیں کہ وہ اپنے فرائض احسن طریقے سے سرانجام دیں ۔ عوامی مسائل کے حل کے لئے اقدامات کئے جا رہے ہیں اور متعلقہ حکام کو ہدایات جاری کر دی گئی ہیں کہ وہ اپنے فرائض احسن طریقے سے سرانجام دیں

منسوخ

میرا نام تبدیل کر دیا گیا ہے۔

۔ عوامی مسائل کے حل کے لئے اقدامات کئے جا رہے ہیں اور متعلقہ حکام کو ہدایات جاری کر دی گئی ہیں کہ وہ اپنے فرائض احسن طریقے سے سرانجام دیں ۔ عوامی مسائل کے حل کے لئے اقدامات کئے جا رہے ہیں اور متعلقہ حکام کو ہدایات جاری کر دی گئی ہیں کہ وہ اپنے فرائض احسن طریقے سے سرانجام دیں

اطلاع عام

P/O میں دستاویزات گم ہو گئیں۔

۔ عوامی مسائل کے حل کے لئے اقدامات کئے جا رہے ہیں اور متعلقہ حکام کو ہدایات جاری کر دی گئی ہیں کہ وہ اپنے فرائض احسن طریقے سے سرانجام دیں ۔ عوامی مسائل کے حل کے لئے اقدامات کئے جا رہے ہیں اور متعلقہ حکام کو ہدایات جاری کر دی گئی ہیں کہ وہ اپنے فرائض احسن طریقے سے سرانجام دیں

اعلان لاتعلقی

میں اپنے بیٹے سے مکمل لاتعلقی کا اعلان کرتا ہوں۔

۔ عوامی مسائل کے حل کے لئے اقدامات کئے جا رہے ہیں اور متعلقہ حکام کو ہدایات جاری کر دی گئی ہیں کہ وہ اپنے فرائض احسن طریقے سے سرانجام دیں ۔ عوامی مسائل کے حل کے لئے اقدامات کئے جا رہے ہیں اور متعلقہ حکام کو ہدایات جاری کر دی گئی ہیں کہ وہ اپنے فرائض احسن طریقے سے سرانجام دیں

خبرنمبر 51

شہر میں نئے پارک کا افتتاح۔

۔ عوامی مسائل کے حل کے لئے اقدامات کئے جا رہے ہیں اور متعلقہ حکام کو ہدایات جاری کر دی گئی ہیں کہ وہ اپنے فرائض احسن طریقے سے سرانجام دیں ۔ عوامی مسائل کے حل کے لئے اقدامات کئے جا رہے ہیں اور متعلقہ حکام کو ہدایات جاری کر دی گئی ہیں کہ وہ اپنے فرائض احسن طریقے سے سرانجام دیں ۔ عوامی مسائل کے حل کے لئے اقدامات کئے جا رہے ہیں اور متعلقہ حکام کو ہدایات جاری کر دی گئی ہیں کہ وہ اپنے فرائض احسن طریقے سے سرانجام دیں

خبرنمبر 52

تعلیمی اداروں میں داخلے جاری۔

۔ عوامی مسائل کے حل کے لئے اقدامات کئے جا رہے ہیں اور متعلقہ حکام کو ہدایات جاری کر دی گئی ہیں کہ وہ اپنے فرائض احسن طریقے سے سرانجام دیں ۔ عوامی مسائل کے حل کے لئے اقدامات کئے جا رہے ہیں اور متعلقہ حکام کو ہدایات جاری کر دی گئی ہیں کہ وہ اپنے فرائض احسن طریقے سے سرانجام دیں ۔ عوامی مسائل کے حل کے لئے اقدامات کئے جا رہے ہیں اور متعلقہ حکام کو ہدایات جاری کر دی گئی ہیں کہ وہ اپنے فرائض احسن طریقے سے سرانجام دیں

خبرنمبر 53

سیکیورٹی کے انتظامات سخت کر دیئے گئے۔

۔ عوامی مسائل کے حل کے لئے اقدامات کئے جا رہے ہیں اور متعلقہ حکام کو ہدایات جاری کر دی گئی ہیں کہ وہ اپنے فرائض احسن طریقے سے سرانجام دیں ۔ عوامی مسائل کے حل کے لئے اقدامات کئے جا رہے ہیں اور متعلقہ حکام کو ہدایات جاری کر دی گئی ہیں کہ وہ اپنے فرائض احسن طریقے سے سرانجام دیں ۔ عوامی مسائل کے حل کے لئے اقدامات کئے جا رہے ہیں اور متعلقہ حکام کو ہدایات جاری کر دی گئی ہیں کہ وہ اپنے فرائض احسن طریقے سے سرانجام دیں
